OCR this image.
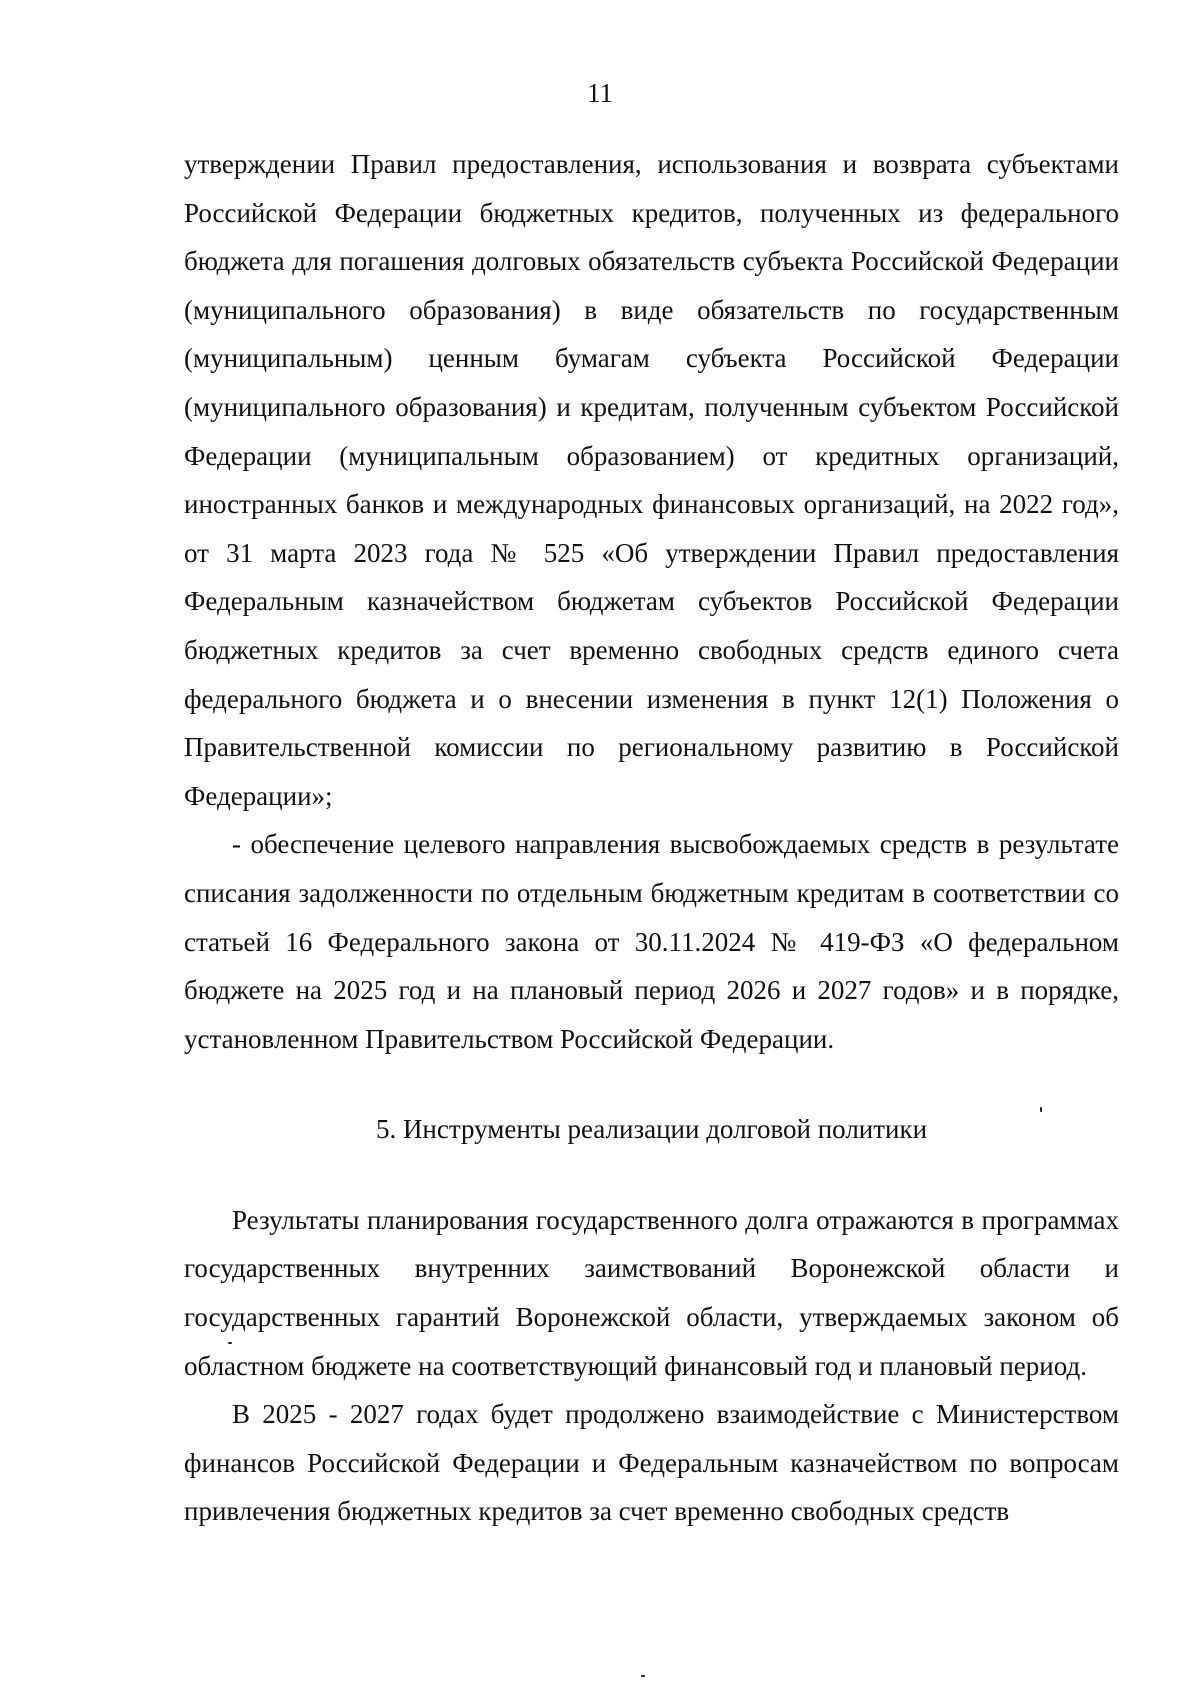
11

утверждении Правил предоставления, использования и возврата субъектами Российской Федерации бюджетных кредитов, полученных из федерального бюджета для погашения долговых обязательств субъекта Российской Федерации (муниципального образования) в виде обязательств по государственным (муниципальным) ценным бумагам субъекта Российской Федерации (муниципального образования) и кредитам, полученным субъектом Российской Федерации (муниципальным образованием) от кредитных организаций, иностранных банков и международных финансовых организаций, на 2022 год», от 31 марта 2023 года № 525 «Об утверждении Правил предоставления Федеральным казначейством бюджетам субъектов Российской Федерации бюджетных кредитов за счет временно свободных средств единого счета федерального бюджета и о внесении изменения в пункт 12(1) Положения о Правительственной комиссии по региональному развитию в Российской Федерации»;

- обеспечение целевого направления высвобождаемых средств в результате списания задолженности по отдельным бюджетным кредитам в соответствии со статьей 16 Федерального закона от 30.11.2024 № 419-ФЗ «О федеральном бюджете на 2025 год и на плановый период 2026 и 2027 годов» и в порядке, установленном Правительством Российской Федерации.

5. Инструменты реализации долговой политики

Результаты планирования государственного долга отражаются в программах государственных внутренних заимствований Воронежской области и государственных гарантий Воронежской области, утверждаемых законом об областном бюджете на соответствующий финансовый год и плановый период.

В 2025 - 2027 годах будет продолжено взаимодействие с Министерством финансов Российской Федерации и Федеральным казначейством по вопросам привлечения бюджетных кредитов за счет временно свободных средств
